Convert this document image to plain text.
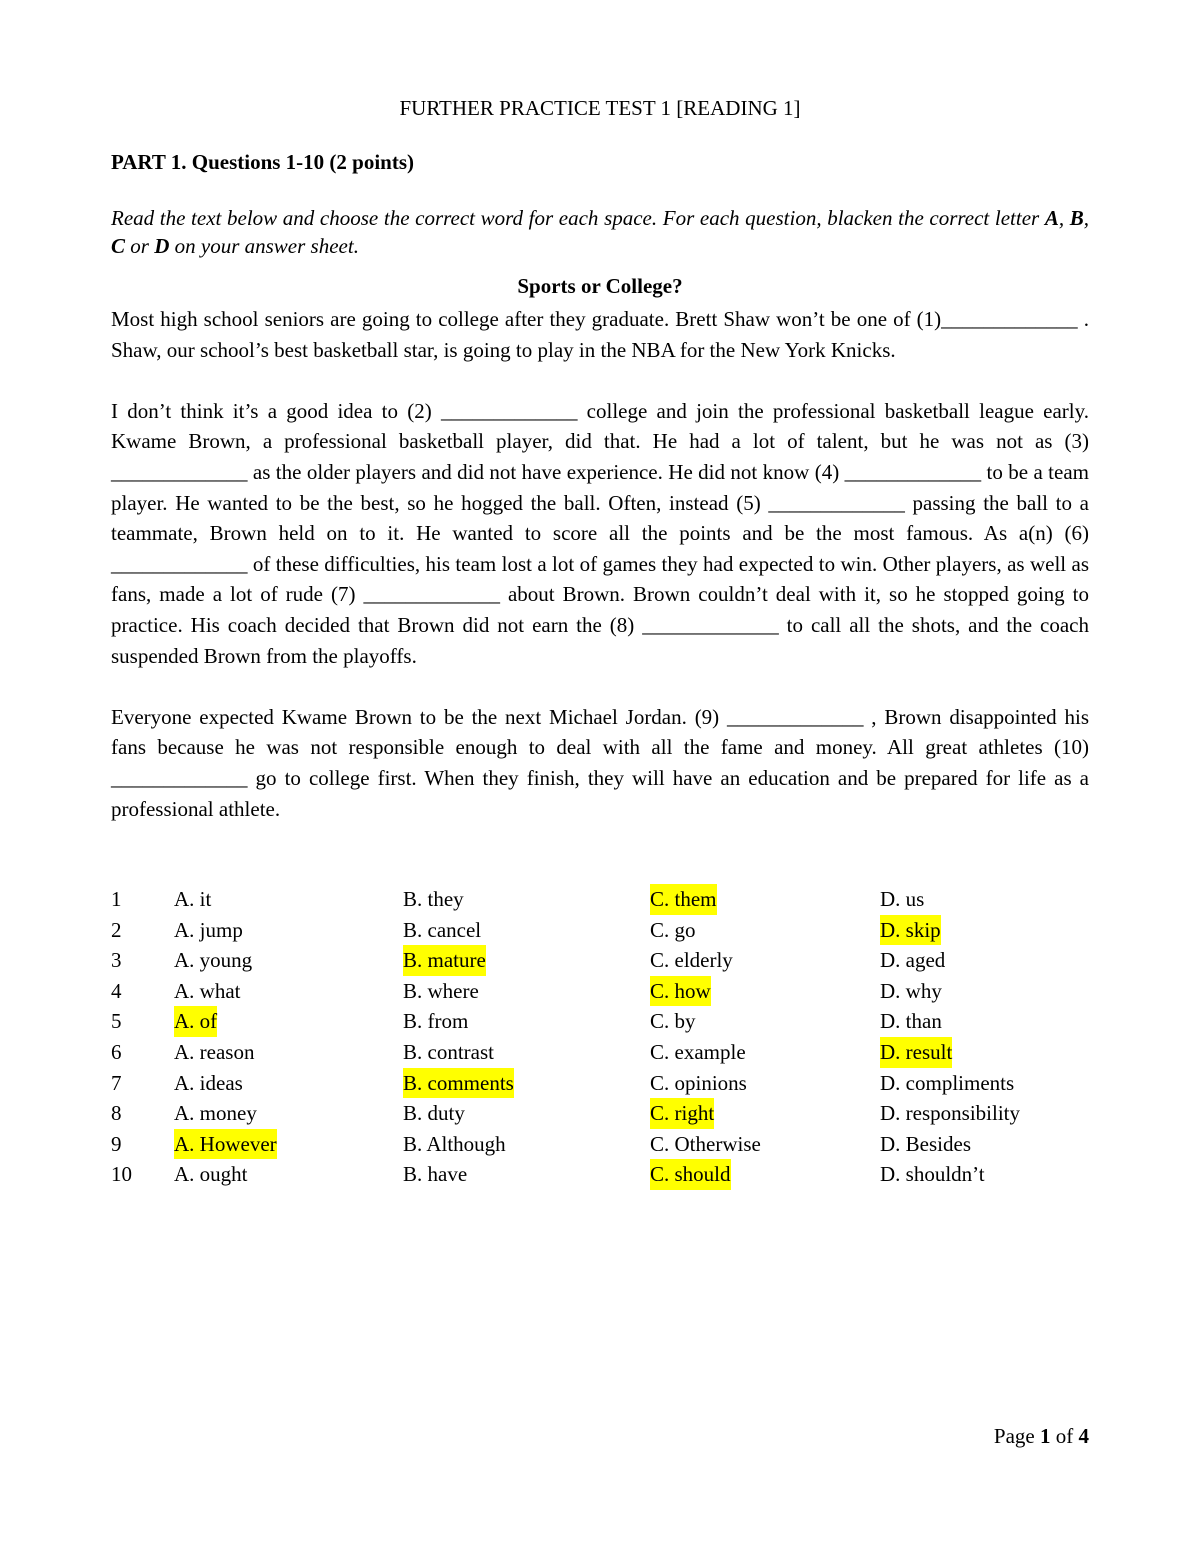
FURTHER PRACTICE TEST 1 [READING 1]
PART 1. Questions 1-10 (2 points)
Read the text below and choose the correct word for each space. For each question, blacken the correct letter A, B, C or D on your answer sheet.
Sports or College?

Most high school seniors are going to college after they graduate. Brett Shaw won’t be one of (1)_____________ . Shaw, our school’s best basketball star, is going to play in the NBA for the New York Knicks.

I don’t think it’s a good idea to (2) _____________ college and join the professional basketball league early. Kwame Brown, a professional basketball player, did that. He had a lot of talent, but he was not as (3) _____________ as the older players and did not have experience. He did not know (4) _____________ to be a team player. He wanted to be the best, so he hogged the ball. Often, instead (5) _____________ passing the ball to a teammate, Brown held on to it. He wanted to score all the points and be the most famous. As a(n) (6) _____________ of these difficulties, his team lost a lot of games they had expected to win. Other players, as well as fans, made a lot of rude (7) _____________ about Brown. Brown couldn’t deal with it, so he stopped going to practice. His coach decided that Brown did not earn the (8) _____________ to call all the shots, and the coach suspended Brown from the playoffs.

Everyone expected Kwame Brown to be the next Michael Jordan. (9) _____________ , Brown disappointed his fans because he was not responsible enough to deal with all the fame and money. All great athletes (10) _____________ go to college first. When they finish, they will have an education and be prepared for life as a professional athlete.

1	A. it	B. they	C. them	D. us
2	A. jump	B. cancel	C. go	D. skip
3	A. young	B. mature	C. elderly	D. aged
4	A. what	B. where	C. how	D. why
5	A. of	B. from	C. by	D. than
6	A. reason	B. contrast	C. example	D. result
7	A. ideas	B. comments	C. opinions	D. compliments
8	A. money	B. duty	C. right	D. responsibility
9	A. However	B. Although	C. Otherwise	D. Besides
10 A. ought	B. have	C. should	D. shouldn’t
Page 1 of 4
